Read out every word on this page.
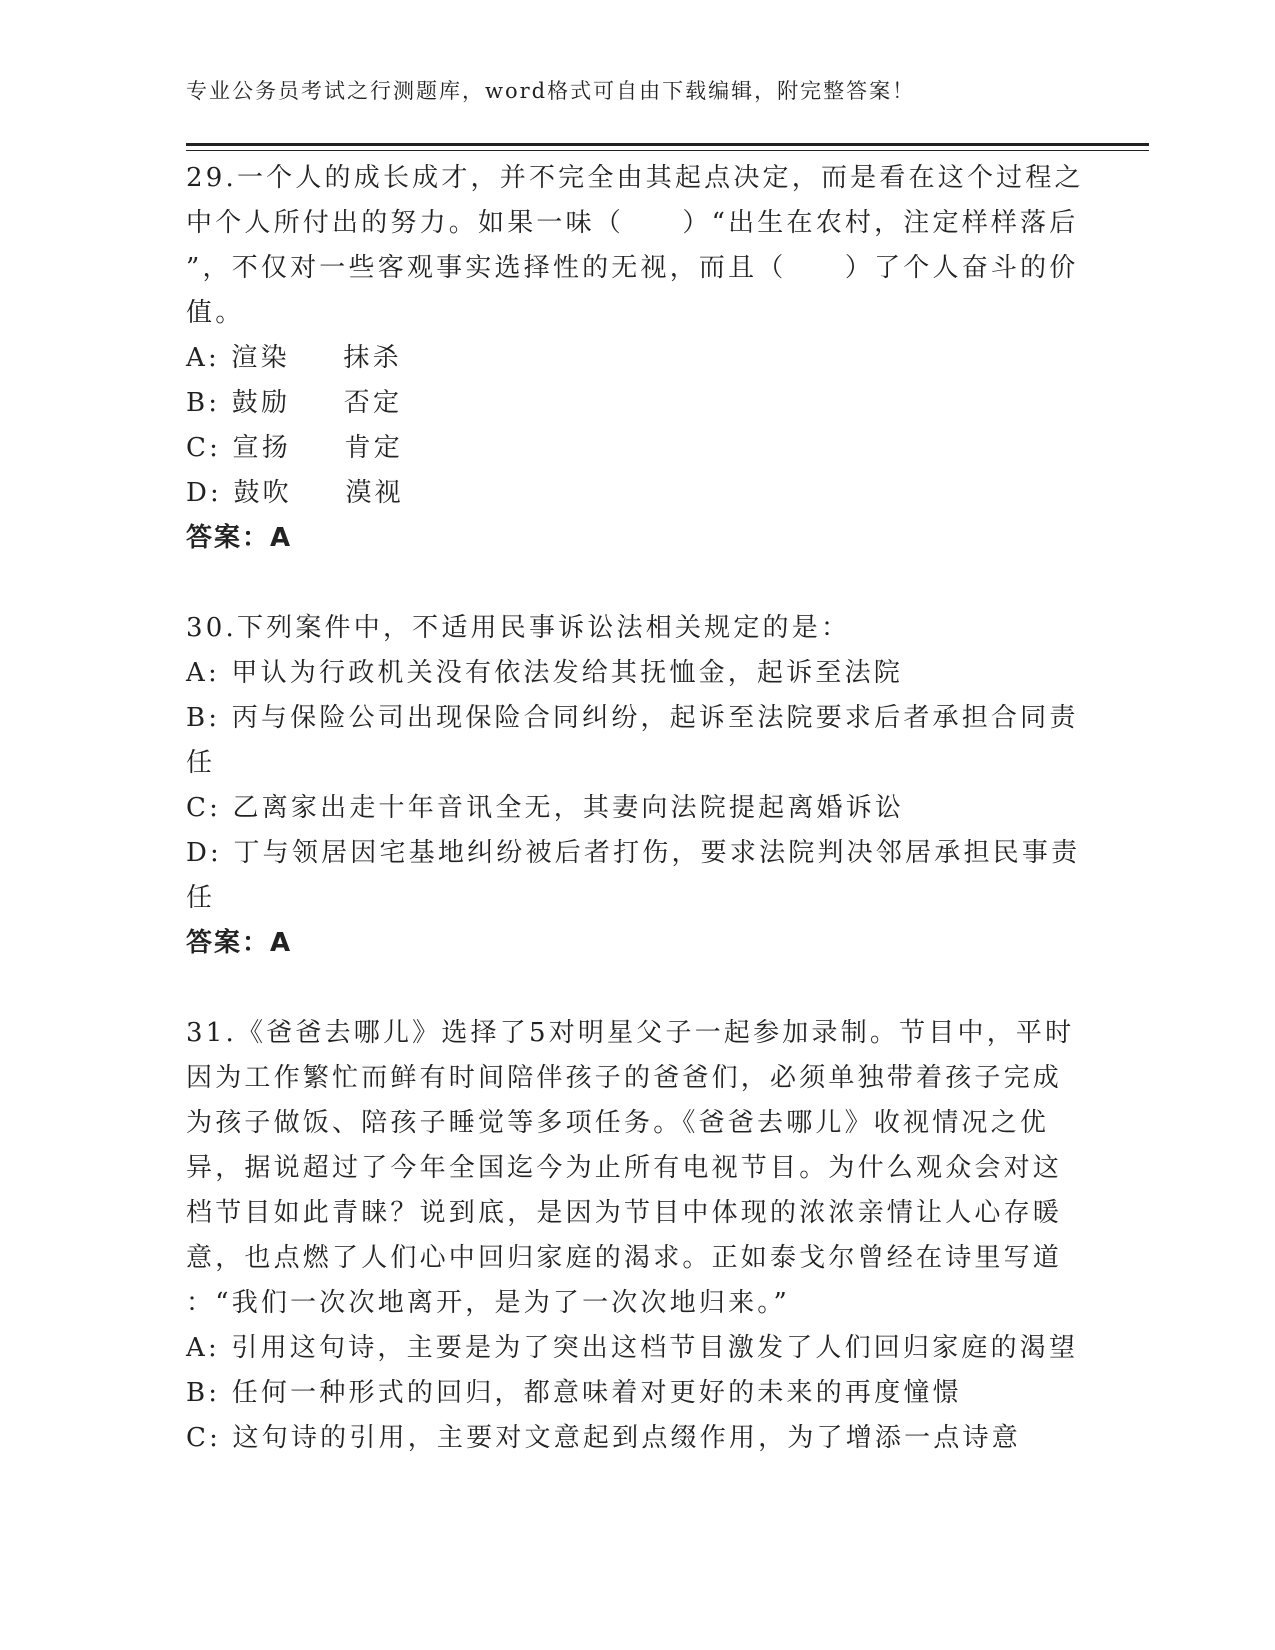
专业公务员考试之行测题库，word格式可自由下载编辑，附完整答案！
29.一个人的成长成才，并不完全由其起点决定，而是看在这个过程之
中个人所付出的努力。如果一味（　　）“出生在农村，注定样样落后
”，不仅对一些客观事实选择性的无视，而且（　　）了个人奋斗的价
值。
A: 渲染 抹杀
B: 鼓励 否定
C: 宣扬 肯定
D: 鼓吹 漠视
答案：A
30.下列案件中，不适用民事诉讼法相关规定的是：
A: 甲认为行政机关没有依法发给其抚恤金，起诉至法院
B: 丙与保险公司出现保险合同纠纷，起诉至法院要求后者承担合同责
任
C: 乙离家出走十年音讯全无，其妻向法院提起离婚诉讼
D: 丁与领居因宅基地纠纷被后者打伤，要求法院判决邻居承担民事责
任
答案：A
31.《爸爸去哪儿》选择了5对明星父子一起参加录制。节目中，平时
因为工作繁忙而鲜有时间陪伴孩子的爸爸们，必须单独带着孩子完成
为孩子做饭、陪孩子睡觉等多项任务。《爸爸去哪儿》收视情况之优
异，据说超过了今年全国迄今为止所有电视节目。为什么观众会对这
档节目如此青睐？说到底，是因为节目中体现的浓浓亲情让人心存暖
意，也点燃了人们心中回归家庭的渴求。正如泰戈尔曾经在诗里写道
：“我们一次次地离开，是为了一次次地归来。”
A: 引用这句诗，主要是为了突出这档节目激发了人们回归家庭的渴望
B: 任何一种形式的回归，都意味着对更好的未来的再度憧憬
C: 这句诗的引用，主要对文意起到点缀作用，为了增添一点诗意
